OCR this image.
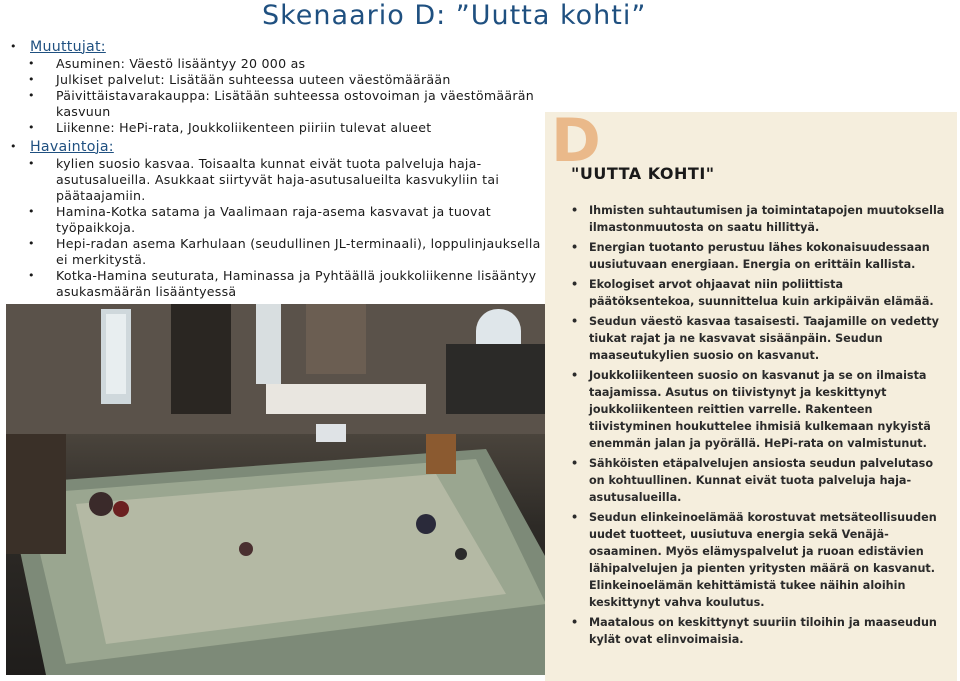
Skenaario D: ”Uutta kohti”
• Muuttujat:
•	Asuminen: Väestö lisääntyy 20 000 as
•	Julkiset palvelut: Lisätään suhteessa uuteen väestömäärään
•	Päivittäistavarakauppa: Lisätään suhteessa ostovoiman ja väestömäärän kasvuun
•	Liikenne: HePi-rata, Joukkoliikenteen piiriin tulevat alueet
• Havaintoja:
•	kylien suosio kasvaa. Toisaalta kunnat eivät tuota palveluja haja-asutusalueilla. Asukkaat siirtyvät haja-asutusalueilta kasvukyliin tai päätaajamiin.
•	Hamina-Kotka satama ja Vaalimaan raja-asema kasvavat ja tuovat työpaikkoja.
•	Hepi-radan asema Karhulaan (seudullinen JL-terminaali), loppulinjauksella ei merkitystä.
•	Kotka-Hamina seuturata, Haminassa ja Pyhtäällä joukkoliikenne lisääntyy asukasmäärän lisääntyessä
D
"UUTTA KOHTI"
• Ihmisten suhtautumisen ja toimintatapojen muutoksella ilmastonmuutosta on saatu hillittyä.
• Energian tuotanto perustuu lähes kokonaisuudessaan uusiutuvaan energiaan. Energia on erittäin kallista.
• Ekologiset arvot ohjaavat niin poliittista päätöksentekoa, suunnittelua kuin arkipäivän elämää.
• Seudun väestö kasvaa tasaisesti. Taajamille on vedetty tiukat rajat ja ne kasvavat sisäänpäin. Seudun maaseutukylien suosio on kasvanut.
• Joukkoliikenteen suosio on kasvanut ja se on ilmaista taajamissa. Asutus on tiivistynyt ja keskittynyt joukkoliikenteen reittien varrelle. Rakenteen tiivistyminen houkuttelee ihmisiä kulkemaan nykyistä enemmän jalan ja pyörällä. HePi-rata on valmistunut.
• Sähköisten etäpalvelujen ansiosta seudun palvelutaso on kohtuullinen. Kunnat eivät tuota palveluja haja-asutusalueilla.
• Seudun elinkeinoelämää korostuvat metsäteollisuuden uudet tuotteet, uusiutuva energia sekä Venäjä-osaaminen. Myös elämyspalvelut ja ruoan edistävien lähipalvelujen ja pienten yritysten määrä on kasvanut. Elinkeinoelämän kehittämistä tukee näihin aloihin keskittynyt vahva koulutus.
• Maatalous on keskittynyt suuriin tiloihin ja maaseudun kylät ovat elinvoimaisia.
